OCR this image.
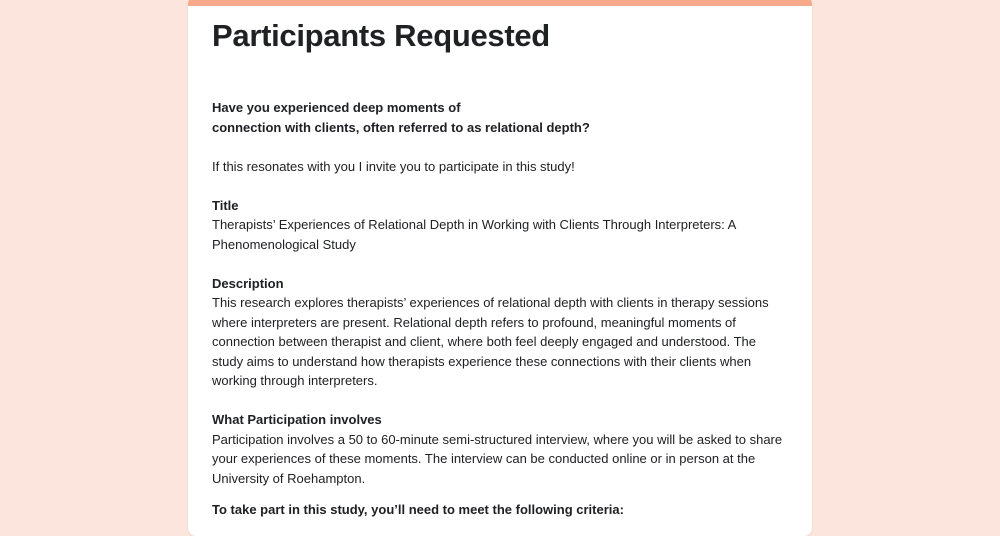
Participants Requested

Have you experienced deep moments of

connection with clients, often referred to as relational depth?

If this resonates with you I invite you to participate in this study!

Title

Therapists’ Experiences of Relational Depth in Working with Clients Through Interpreters: A Phenomenological Study

Description

This research explores therapists’ experiences of relational depth with clients in therapy sessions where interpreters are present. Relational depth refers to profound, meaningful moments of connection between therapist and client, where both feel deeply engaged and understood. The study aims to understand how therapists experience these connections with their clients when working through interpreters.

What Participation involves

Participation involves a 50 to 60-minute semi-structured interview, where you will be asked to share your experiences of these moments. The interview can be conducted online or in person at the University of Roehampton.

To take part in this study, you’ll need to meet the following criteria:
